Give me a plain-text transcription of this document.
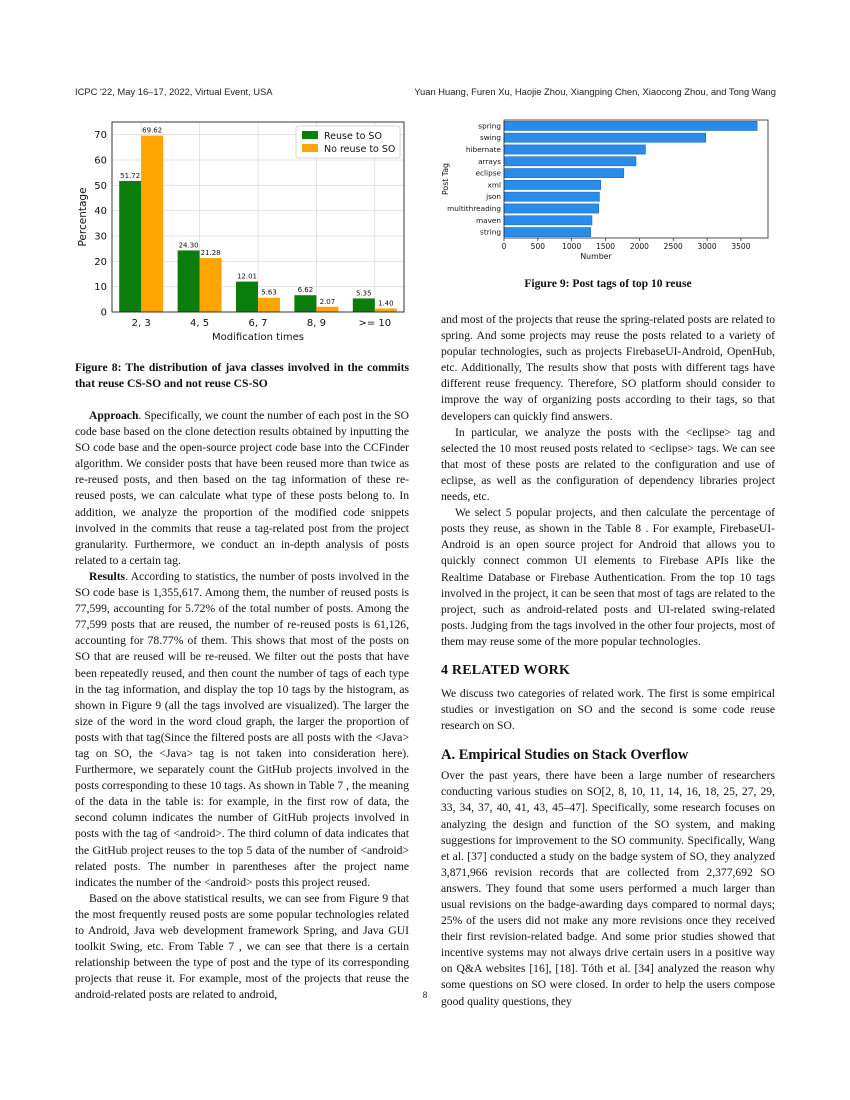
ICPC '22, May 16–17, 2022, Virtual Event, USA	Yuan Huang, Furen Xu, Haojie Zhou, Xiangping Chen, Xiaocong Zhou, and Tong Wang
0
10
20
30
40
50
60
70
2, 3
51.72
69.62
4, 5
24.30
21.28
6, 7
12.01
5.63
8, 9
6.62
2.07
>= 10
5.35
1.40
Modification times
Percentage
Reuse to SO
No reuse to SO

Figure 8: The distribution of java classes involved in the commits that reuse CS-SO and not reuse CS-SO

0	500 1000 1500 2000 2500 3000 3500
spring
swing
hibernate
arrays
eclipse
xml
json
multithreading
maven
string
Number
Post Tag

Figure 9: Post tags of top 10 reuse

Approach. Specifically, we count the number of each post in the SO code base based on the clone detection results obtained by inputting the SO code base and the open-source project code base into the CCFinder algorithm. We consider posts that have been reused more than twice as re-reused posts, and then based on the tag information of these re-reused posts, we can calculate what type of these posts belong to. In addition, we analyze the proportion of the modified code snippets involved in the commits that reuse a tag-related post from the project granularity. Furthermore, we conduct an in-depth analysis of posts related to a certain tag.

Results. According to statistics, the number of posts involved in the SO code base is 1,355,617. Among them, the number of reused posts is 77,599, accounting for 5.72% of the total number of posts. Among the 77,599 posts that are reused, the number of re-reused posts is 61,126, accounting for 78.77% of them. This shows that most of the posts on SO that are reused will be re-reused. We filter out the posts that have been repeatedly reused, and then count the number of tags of each type in the tag information, and display the top 10 tags by the histogram, as shown in Figure 9 (all the tags involved are visualized). The larger the size of the word in the word cloud graph, the larger the proportion of posts with that tag(Since the filtered posts are all posts with the <Java> tag on SO, the <Java> tag is not taken into consideration here). Furthermore, we separately count the GitHub projects involved in the posts corresponding to these 10 tags. As shown in Table 7 , the meaning of the data in the table is: for example, in the first row of data, the second column indicates the number of GitHub projects involved in posts with the tag of <android>. The third column of data indicates that the GitHub project reuses to the top 5 data of the number of <android> related posts. The number in parentheses after the project name indicates the number of the <android> posts this project reused.

Based on the above statistical results, we can see from Figure 9 that the most frequently reused posts are some popular technologies related to Android, Java web development framework Spring, and Java GUI toolkit Swing, etc. From Table 7 , we can see that there is a certain relationship between the type of post and the type of its corresponding projects that reuse it. For example, most of the projects that reuse the android-related posts are related to android,

and most of the projects that reuse the spring-related posts are related to spring. And some projects may reuse the posts related to a variety of popular technologies, such as projects FirebaseUI-Android, OpenHub, etc. Additionally, The results show that posts with different tags have different reuse frequency. Therefore, SO platform should consider to improve the way of organizing posts according to their tags, so that developers can quickly find answers.

In particular, we analyze the posts with the <eclipse> tag and selected the 10 most reused posts related to <eclipse> tags. We can see that most of these posts are related to the configuration and use of eclipse, as well as the configuration of dependency libraries project needs, etc.

We select 5 popular projects, and then calculate the percentage of posts they reuse, as shown in the Table 8 . For example, FirebaseUI-Android is an open source project for Android that allows you to quickly connect common UI elements to Firebase APIs like the Realtime Database or Firebase Authentication. From the top 10 tags involved in the project, it can be seen that most of tags are related to the project, such as android-related posts and UI-related swing-related posts. Judging from the tags involved in the other four projects, most of them may reuse some of the more popular technologies.

4 RELATED WORK

We discuss two categories of related work. The first is some empirical studies or investigation on SO and the second is some code reuse research on SO.

A. Empirical Studies on Stack Overflow

Over the past years, there have been a large number of researchers conducting various studies on SO[2, 8, 10, 11, 14, 16, 18, 25, 27, 29, 33, 34, 37, 40, 41, 43, 45–47]. Specifically, some research focuses on analyzing the design and function of the SO system, and making suggestions for improvement to the SO community. Specifically, Wang et al. [37] conducted a study on the badge system of SO, they analyzed 3,871,966 revision records that are collected from 2,377,692 SO answers. They found that some users performed a much larger than usual revisions on the badge-awarding days compared to normal days; 25% of the users did not make any more revisions once they received their first revision-related badge. And some prior studies showed that incentive systems may not always drive certain users in a positive way on Q&A websites [16], [18]. Tóth et al. [34] analyzed the reason why some questions on SO were closed. In order to help the users compose good quality questions, they

8
